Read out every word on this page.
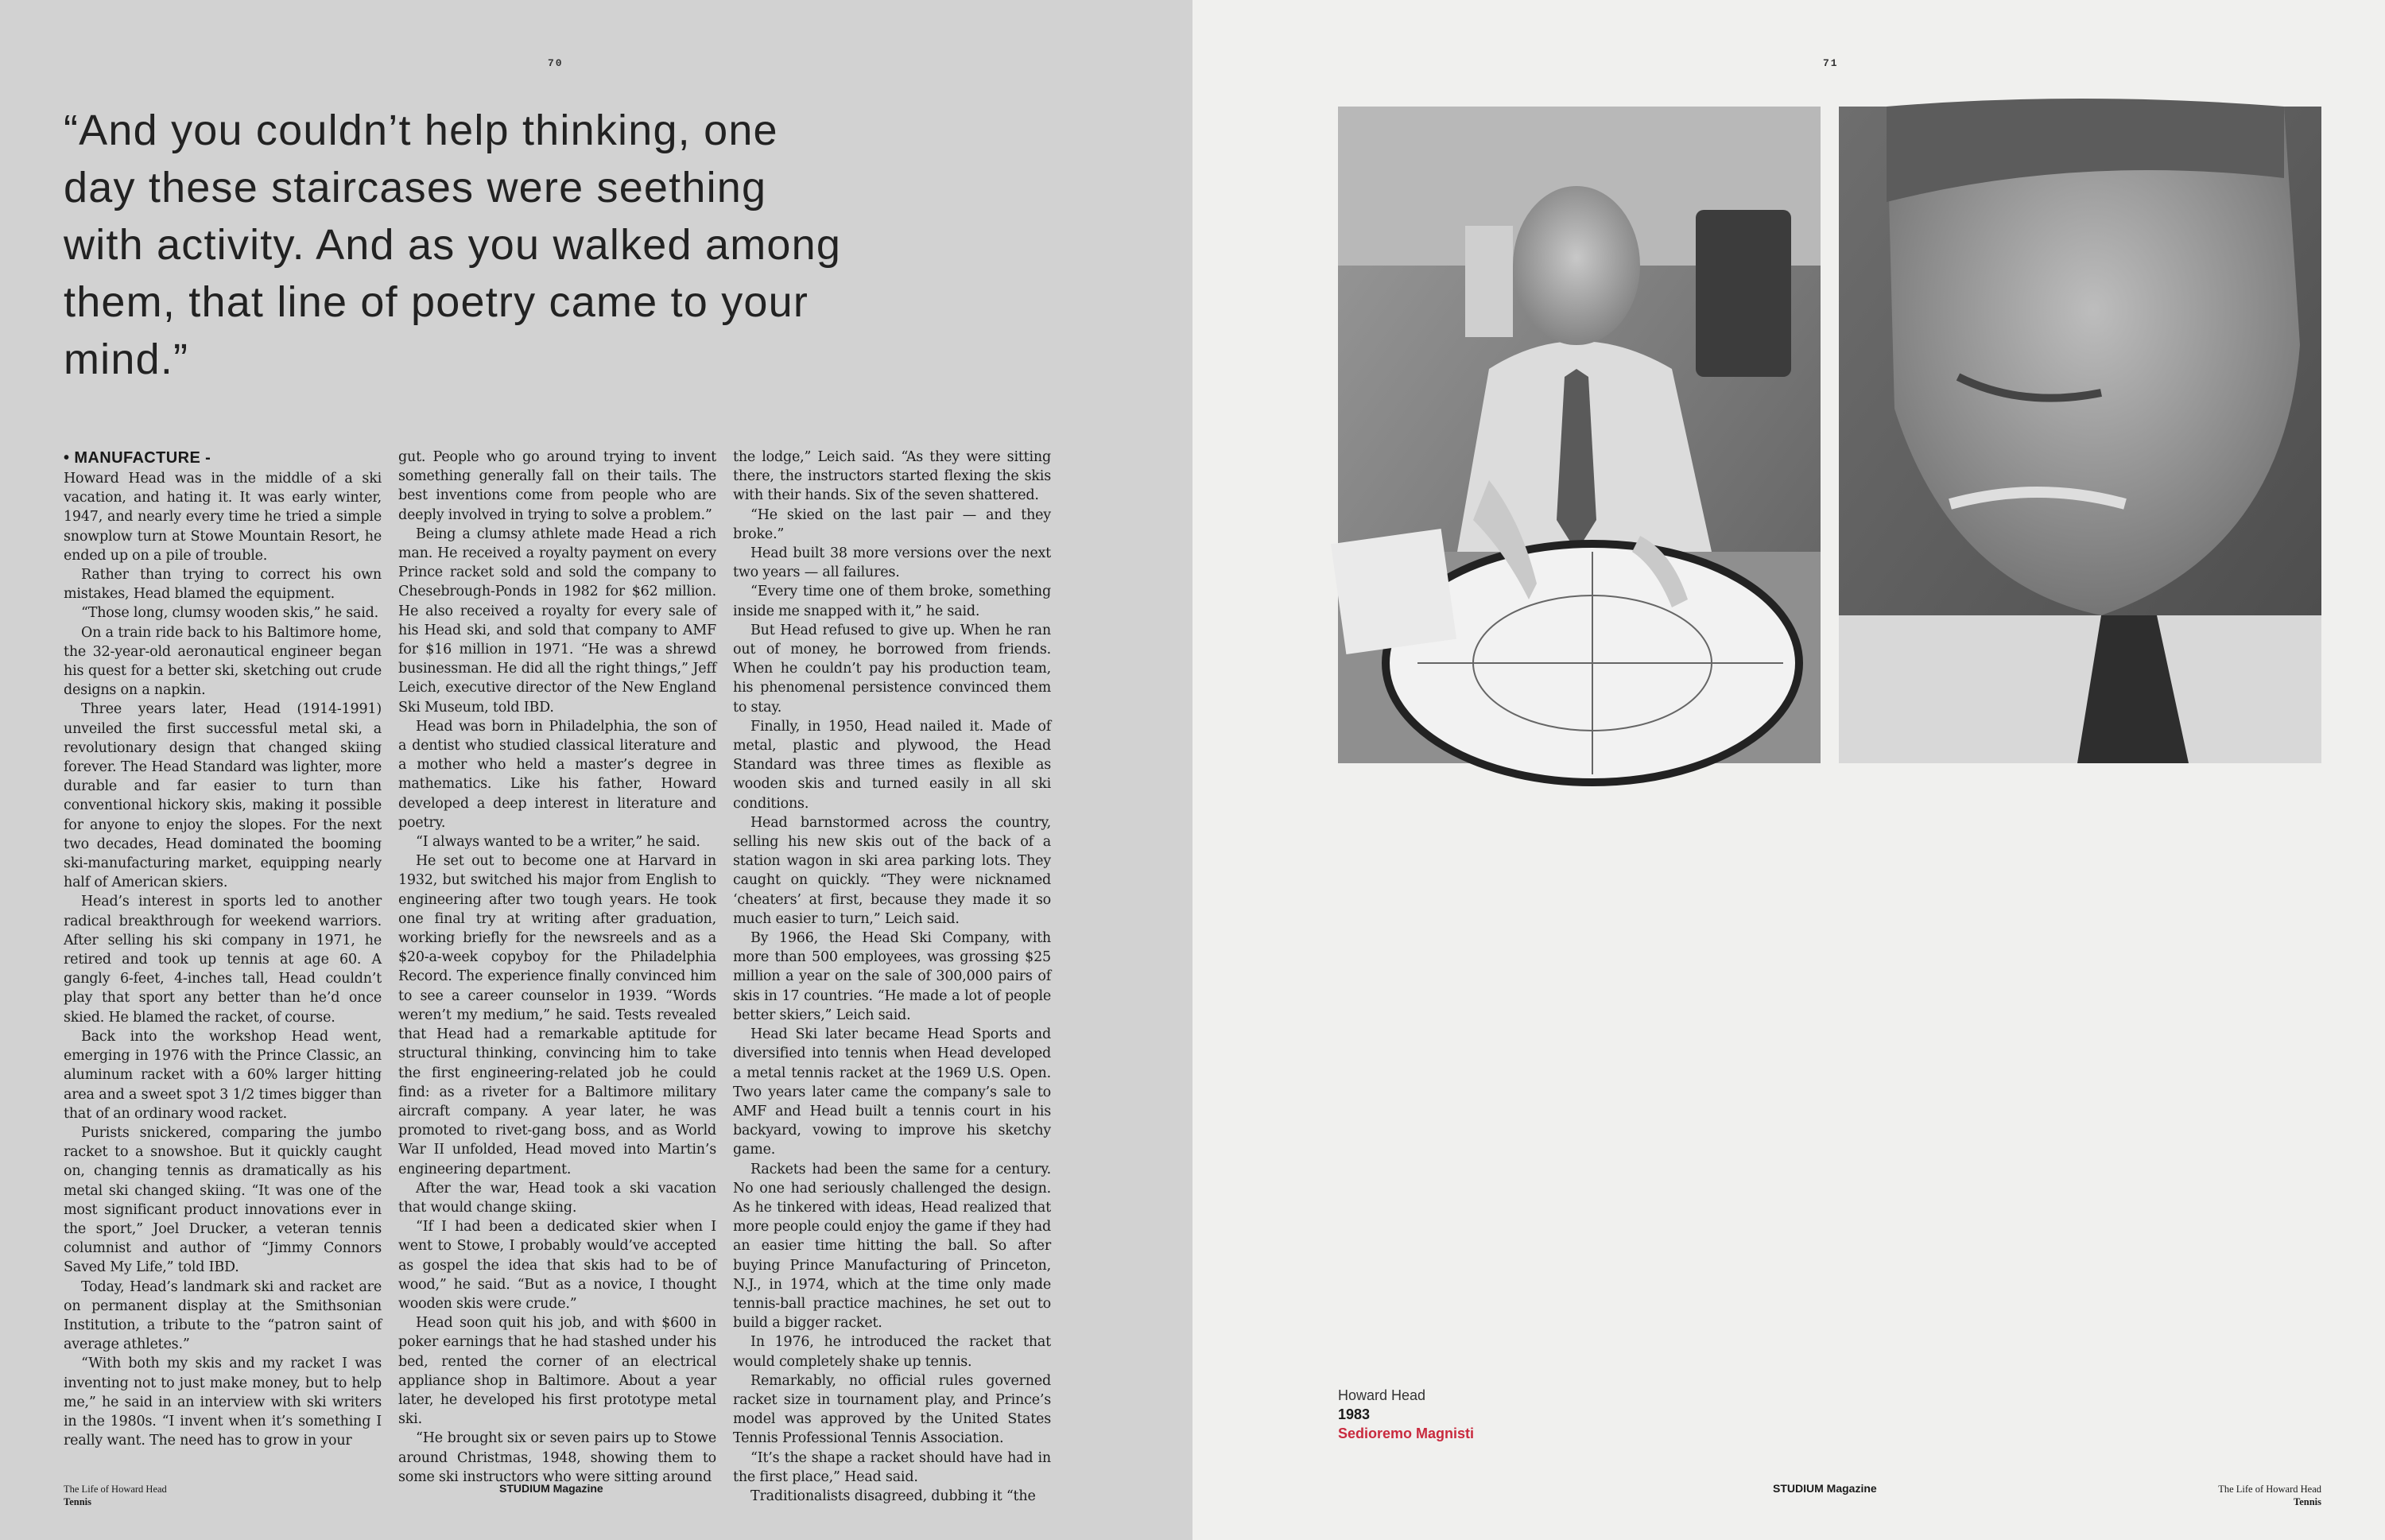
70	71

“And you couldn’t help thinking, one day these staircases were seething with activity. And as you walked among them, that line of poetry came to your mind.”

• MANUFACTURE -

Howard Head was in the middle of a ski vacation, and hating it. It was early winter, 1947, and nearly every time he tried a simple snowplow turn at Stowe Mountain Resort, he ended up on a pile of trouble.

Rather than trying to correct his own mistakes, Head blamed the equipment.

“Those long, clumsy wooden skis,” he said.

On a train ride back to his Baltimore home, the 32-year-old aeronautical engineer began his quest for a better ski, sketching out crude designs on a napkin.

Three years later, Head (1914-1991) unveiled the first successful metal ski, a revolutionary design that changed skiing forever. The Head Standard was lighter, more durable and far easier to turn than conventional hickory skis, making it possible for anyone to enjoy the slopes. For the next two decades, Head dominated the booming ski-manufacturing market, equipping nearly half of American skiers.

Head’s interest in sports led to another radical breakthrough for weekend warriors. After selling his ski company in 1971, he retired and took up tennis at age 60. A gangly 6-feet, 4-inches tall, Head couldn’t play that sport any better than he’d once skied. He blamed the racket, of course.

Back into the workshop Head went, emerging in 1976 with the Prince Classic, an aluminum racket with a 60% larger hitting area and a sweet spot 3 1/2 times bigger than that of an ordinary wood racket.

Purists snickered, comparing the jumbo racket to a snowshoe. But it quickly caught on, changing tennis as dramatically as his metal ski changed skiing. “It was one of the most significant product innovations ever in the sport,” Joel Drucker, a veteran tennis columnist and author of “Jimmy Connors Saved My Life,” told IBD.

Today, Head’s landmark ski and racket are on permanent display at the Smithsonian Institution, a tribute to the “patron saint of average athletes.”

“With both my skis and my racket I was inventing not to just make money, but to help me,” he said in an interview with ski writers in the 1980s. “I invent when it’s something I really want. The need has to grow in your

gut. People who go around trying to invent something generally fall on their tails. The best inventions come from people who are deeply involved in trying to solve a problem.”

Being a clumsy athlete made Head a rich man. He received a royalty payment on every Prince racket sold and sold the company to Chesebrough-Ponds in 1982 for $62 million. He also received a royalty for every sale of his Head ski, and sold that company to AMF for $16 million in 1971. “He was a shrewd businessman. He did all the right things,” Jeff Leich, executive director of the New England Ski Museum, told IBD.

Head was born in Philadelphia, the son of a dentist who studied classical literature and a mother who held a master’s degree in mathematics. Like his father, Howard developed a deep interest in literature and poetry.

“I always wanted to be a writer,” he said.

He set out to become one at Harvard in 1932, but switched his major from English to engineering after two tough years. He took one final try at writing after graduation, working briefly for the newsreels and as a $20-a-week copyboy for the Philadelphia Record. The experience finally convinced him to see a career counselor in 1939. “Words weren’t my medium,” he said. Tests revealed that Head had a remarkable aptitude for structural thinking, convincing him to take the first engineering-related job he could find: as a riveter for a Baltimore military aircraft company. A year later, he was promoted to rivet-gang boss, and as World War II unfolded, Head moved into Martin’s engineering department.

After the war, Head took a ski vacation that would change skiing.

“If I had been a dedicated skier when I went to Stowe, I probably would’ve accepted as gospel the idea that skis had to be of wood,” he said. “But as a novice, I thought wooden skis were crude.”

Head soon quit his job, and with $600 in poker earnings that he had stashed under his bed, rented the corner of an electrical appliance shop in Baltimore. About a year later, he developed his first prototype metal ski.

“He brought six or seven pairs up to Stowe around Christmas, 1948, showing them to some ski instructors who were sitting around

the lodge,” Leich said. “As they were sitting there, the instructors started flexing the skis with their hands. Six of the seven shattered.

“He skied on the last pair — and they broke.”

Head built 38 more versions over the next two years — all failures.

“Every time one of them broke, something inside me snapped with it,” he said.

But Head refused to give up. When he ran out of money, he borrowed from friends. When he couldn’t pay his production team, his phenomenal persistence convinced them to stay.

Finally, in 1950, Head nailed it. Made of metal, plastic and plywood, the Head Standard was three times as flexible as wooden skis and turned easily in all ski conditions.

Head barnstormed across the country, selling his new skis out of the back of a station wagon in ski area parking lots. They caught on quickly. “They were nicknamed ‘cheaters’ at first, because they made it so much easier to turn,” Leich said.

By 1966, the Head Ski Company, with more than 500 employees, was grossing $25 million a year on the sale of 300,000 pairs of skis in 17 countries. “He made a lot of people better skiers,” Leich said.

Head Ski later became Head Sports and diversified into tennis when Head developed a metal tennis racket at the 1969 U.S. Open. Two years later came the company’s sale to AMF and Head built a tennis court in his backyard, vowing to improve his sketchy game.

Rackets had been the same for a century. No one had seriously challenged the design. As he tinkered with ideas, Head realized that more people could enjoy the game if they had an easier time hitting the ball. So after buying Prince Manufacturing of Princeton, N.J., in 1974, which at the time only made tennis-ball practice machines, he set out to build a bigger racket.

In 1976, he introduced the racket that would completely shake up tennis.

Remarkably, no official rules governed racket size in tournament play, and Prince’s model was approved by the United States Tennis Professional Tennis Association.

“It’s the shape a racket should have had in the first place,” Head said.

Traditionalists disagreed, dubbing it “the

Howard Head
1983
Sedioremo Magnisti
The Life of Howard Head
Tennis
STUDIUM Magazine	STUDIUM Magazine	The Life of Howard Head
Tennis
